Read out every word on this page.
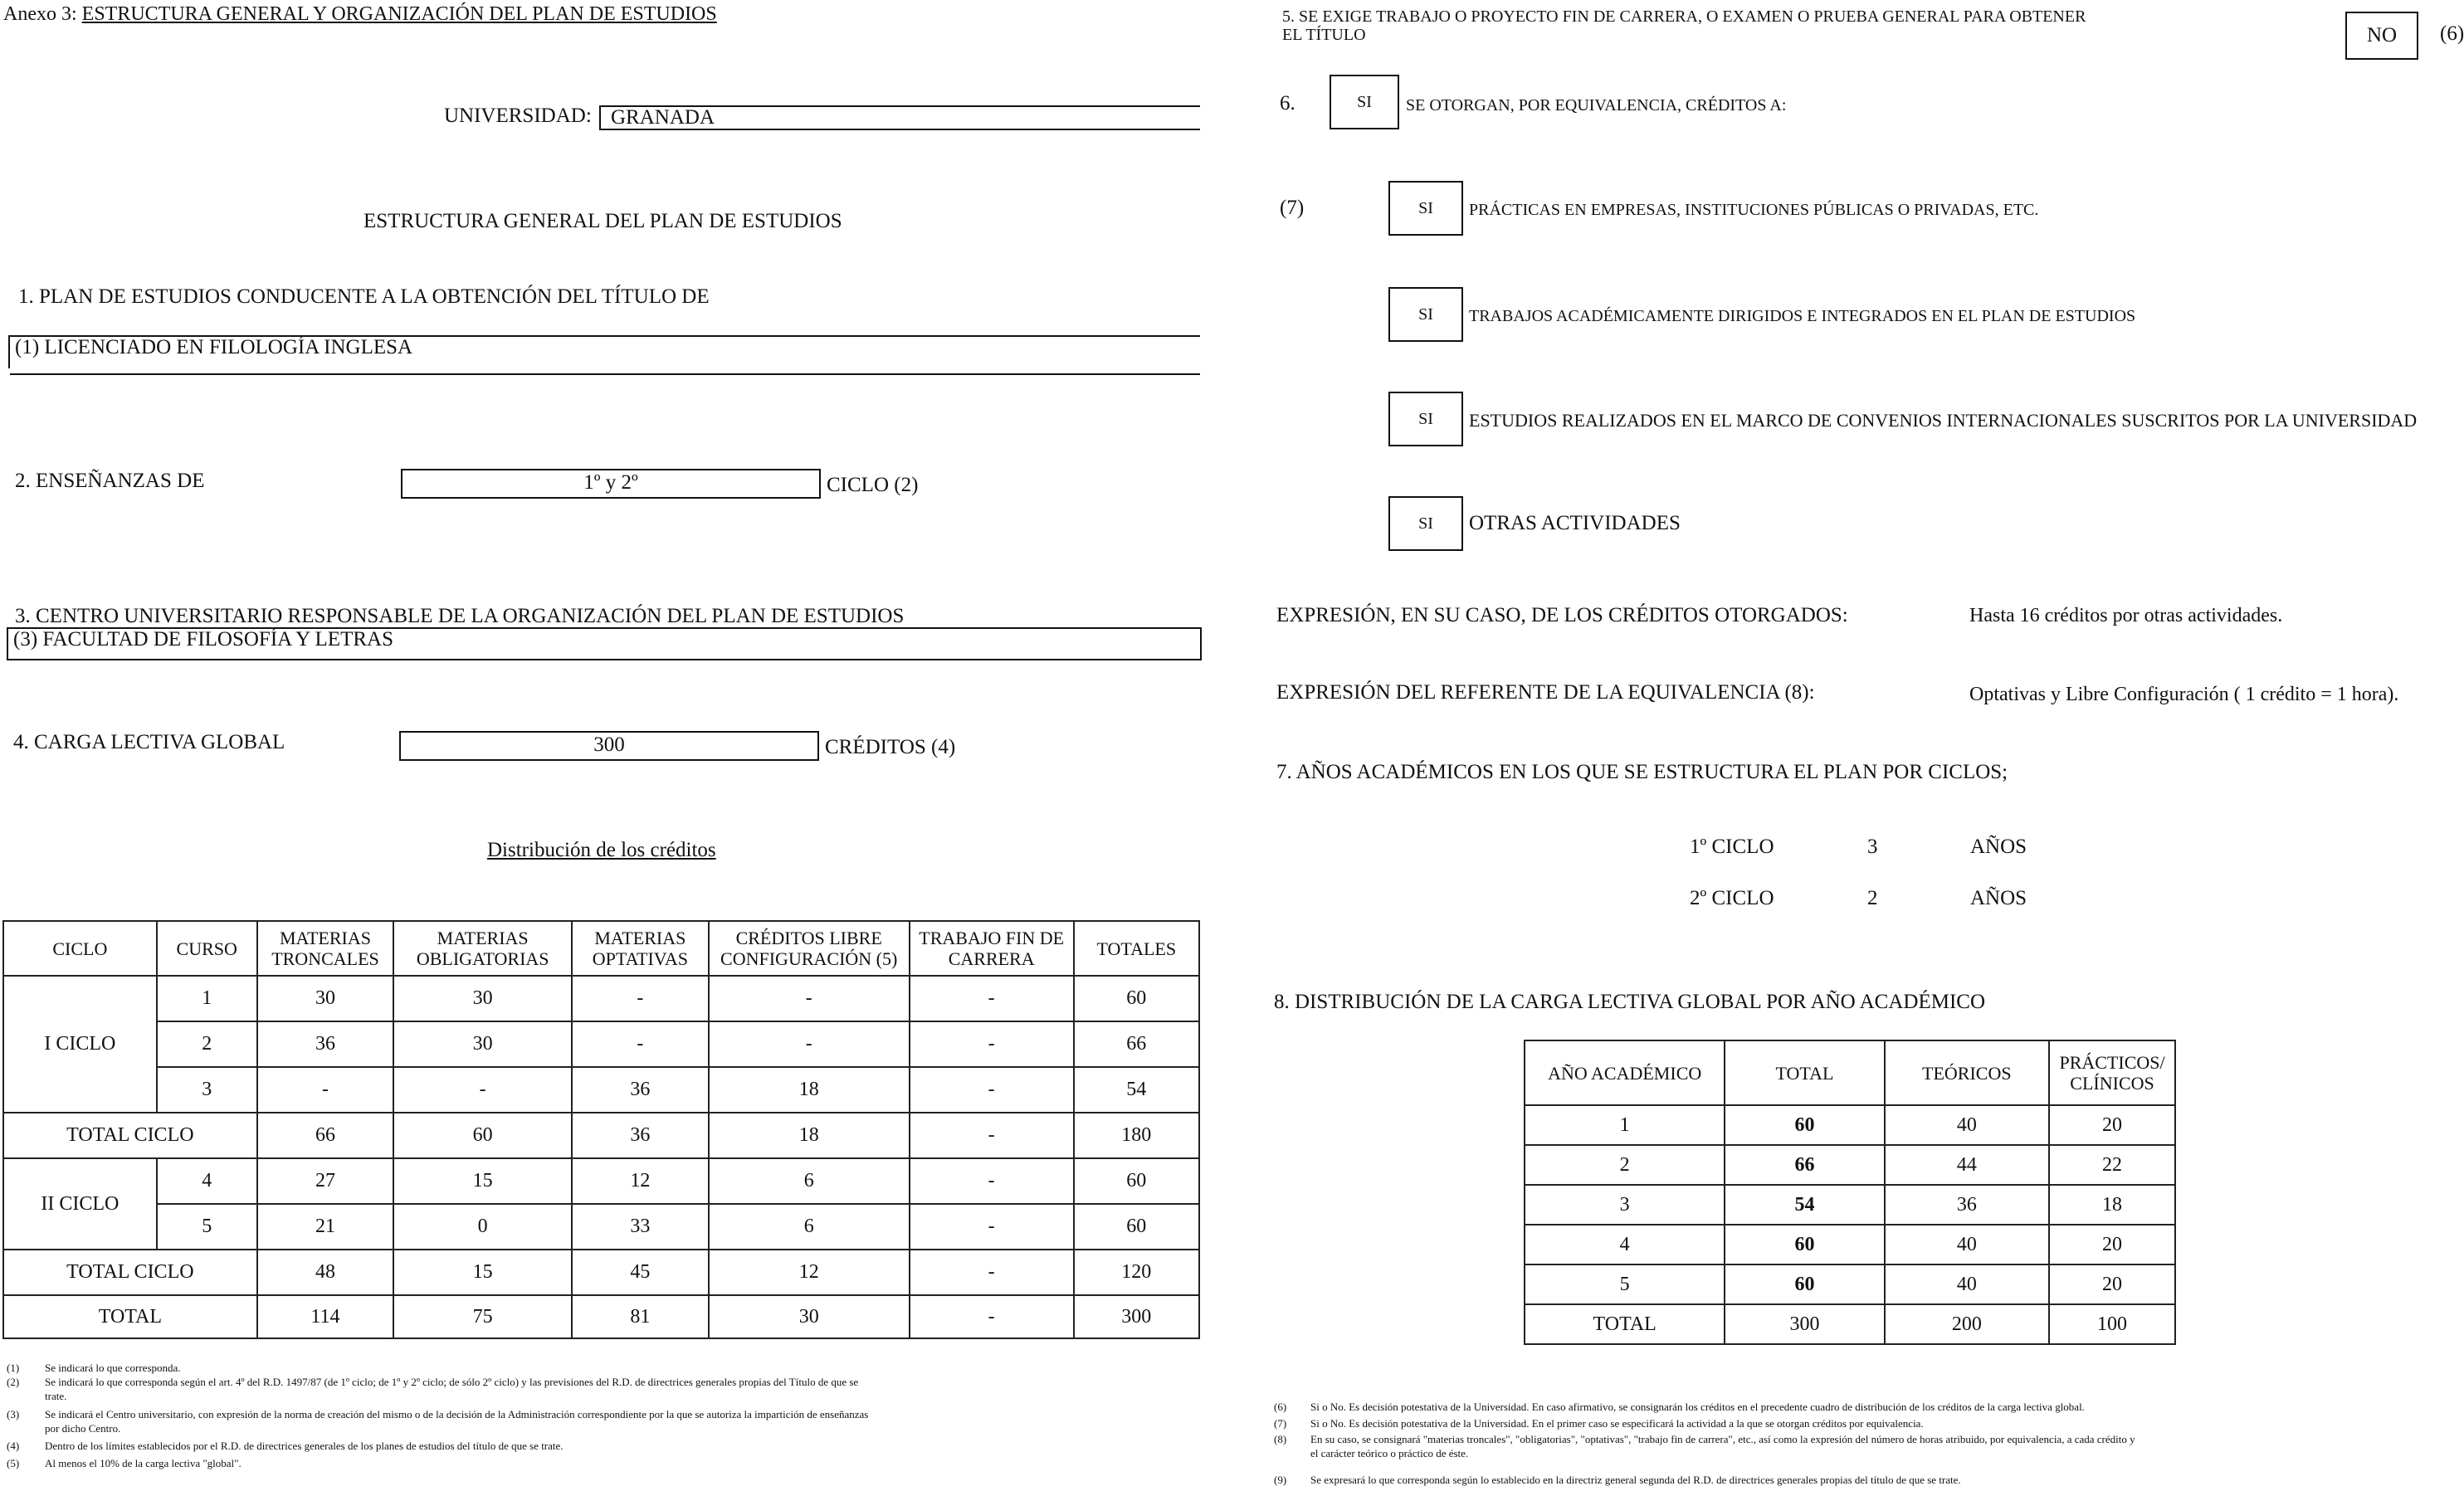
Anexo 3: ESTRUCTURA GENERAL Y ORGANIZACIÓN DEL PLAN DE ESTUDIOS
UNIVERSIDAD: GRANADA
ESTRUCTURA GENERAL DEL PLAN DE ESTUDIOS
1. PLAN DE ESTUDIOS CONDUCENTE A LA OBTENCIÓN DEL TÍTULO DE
(1) LICENCIADO EN FILOLOGÍA INGLESA
2. ENSEÑANZAS DE	1º y 2º	CICLO (2)
3. CENTRO UNIVERSITARIO RESPONSABLE DE LA ORGANIZACIÓN DEL PLAN DE ESTUDIOS
(3) FACULTAD DE FILOSOFÍA Y LETRAS
4. CARGA LECTIVA GLOBAL	300	CRÉDITOS (4)
Distribución de los créditos
CICLO	CURSO	MATERIAS TRONCALES	MATERIAS OBLIGATORIAS	MATERIAS OPTATIVAS	CRÉDITOS LIBRE CONFIGURACIÓN (5)	TRABAJO FIN DE CARRERA	TOTALES
I CICLO	1	30	30	-	-	-	60
	2	36	30	-	-	-	66
	3	-	-	36	18	-	54
TOTAL CICLO		66	60	36	18	-	180
II CICLO	4	27	15	12	6	-	60
	5	21	0	33	6	-	60
TOTAL CICLO		48	15	45	12	-	120
TOTAL		114	75	81	30	-	300
(1) Se indicará lo que corresponda.
(2) Se indicará lo que corresponda según el art. 4º del R.D. 1497/87 (de 1º ciclo; de 1º y 2º ciclo; de sólo 2º ciclo) y las previsiones del R.D. de directrices generales propias del Título de que se
trate.
(3) Se indicará el Centro universitario, con expresión de la norma de creación del mismo o de la decisión de la Administración correspondiente por la que se autoriza la impartición de enseñanzas
por dicho Centro.
(4) Dentro de los límites establecidos por el R.D. de directrices generales de los planes de estudios del título de que se trate.
(5) Al menos el 10% de la carga lectiva "global".
5. SE EXIGE TRABAJO O PROYECTO FIN DE CARRERA, O EXAMEN O PRUEBA GENERAL PARA OBTENER
EL TÍTULO	NO	(6)
6.	SI	SE OTORGAN, POR EQUIVALENCIA, CRÉDITOS A:
(7)	SI	PRÁCTICAS EN EMPRESAS, INSTITUCIONES PÚBLICAS O PRIVADAS, ETC.
SI	TRABAJOS ACADÉMICAMENTE DIRIGIDOS E INTEGRADOS EN EL PLAN DE ESTUDIOS
SI	ESTUDIOS REALIZADOS EN EL MARCO DE CONVENIOS INTERNACIONALES SUSCRITOS POR LA UNIVERSIDAD
SI	OTRAS ACTIVIDADES
EXPRESIÓN, EN SU CASO, DE LOS CRÉDITOS OTORGADOS:	Hasta 16 créditos por otras actividades.
EXPRESIÓN DEL REFERENTE DE LA EQUIVALENCIA (8):	Optativas y Libre Configuración ( 1 crédito = 1 hora).
7. AÑOS ACADÉMICOS EN LOS QUE SE ESTRUCTURA EL PLAN POR CICLOS;
1º CICLO	3	AÑOS
2º CICLO	2	AÑOS
8. DISTRIBUCIÓN DE LA CARGA LECTIVA GLOBAL POR AÑO ACADÉMICO
AÑO ACADÉMICO	TOTAL	TEÓRICOS	PRÁCTICOS/ CLÍNICOS
1	60	40	20
2	66	44	22
3	54	36	18
4	60	40	20
5	60	40	20
TOTAL	300	200	100
(6) Si o No. Es decisión potestativa de la Universidad. En caso afirmativo, se consignarán los créditos en el precedente cuadro de distribución de los créditos de la carga lectiva global.
(7) Si o No. Es decisión potestativa de la Universidad. En el primer caso se especificará la actividad a la que se otorgan créditos por equivalencia.
(8) En su caso, se consignará "materias troncales", "obligatorias", "optativas", "trabajo fin de carrera", etc., así como la expresión del número de horas atribuido, por equivalencia, a cada crédito y
el carácter teórico o práctico de éste.
(9) Se expresará lo que corresponda según lo establecido en la directriz general segunda del R.D. de directrices generales propias del título de que se trate.
